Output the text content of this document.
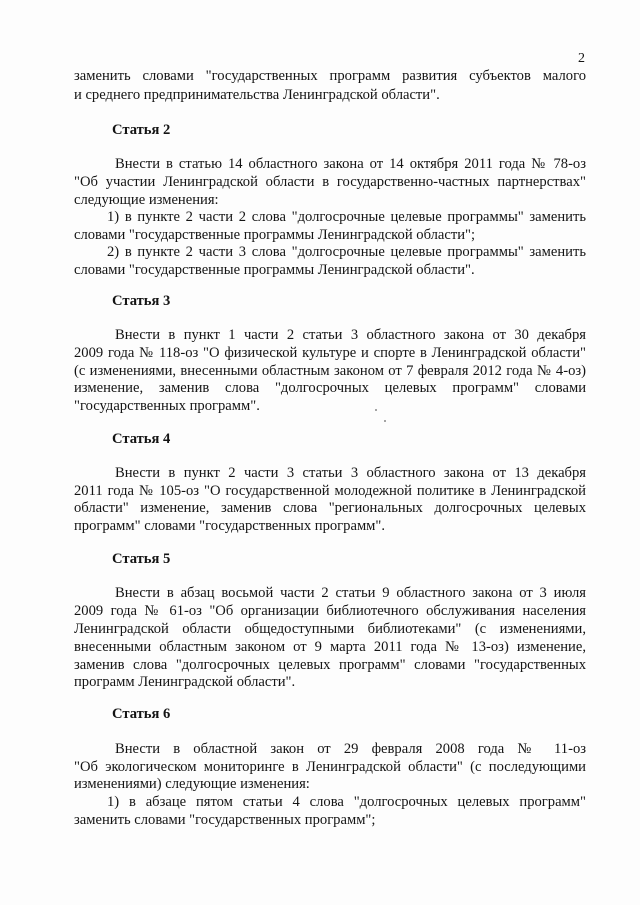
2
заменить словами "государственных программ развития субъектов малого
и среднего предпринимательства Ленинградской области".
Статья 2
Внести в статью 14 областного закона от 14 октября 2011 года № 78-оз
"Об участии Ленинградской области в государственно-частных партнерствах"
следующие изменения:
1) в пункте 2 части 2 слова "долгосрочные целевые программы" заменить
словами "государственные программы Ленинградской области";
2) в пункте 2 части 3 слова "долгосрочные целевые программы" заменить
словами "государственные программы Ленинградской области".
Статья 3
Внести в пункт 1 части 2 статьи 3 областного закона от 30 декабря
2009 года № 118-оз "О физической культуре и спорте в Ленинградской области"
(с изменениями, внесенными областным законом от 7 февраля 2012 года № 4-оз)
изменение, заменив слова "долгосрочных целевых программ" словами
"государственных программ".
Статья 4
Внести в пункт 2 части 3 статьи 3 областного закона от 13 декабря
2011 года № 105-оз "О государственной молодежной политике в Ленинградской
области" изменение, заменив слова "региональных долгосрочных целевых
программ" словами "государственных программ".
Статья 5
Внести в абзац восьмой части 2 статьи 9 областного закона от 3 июля
2009 года № 61-оз "Об организации библиотечного обслуживания населения
Ленинградской области общедоступными библиотеками" (с изменениями,
внесенными областным законом от 9 марта 2011 года № 13-оз) изменение,
заменив слова "долгосрочных целевых программ" словами "государственных
программ Ленинградской области".
Статья 6
Внести в областной закон от 29 февраля 2008 года № 11-оз
"Об экологическом мониторинге в Ленинградской области" (с последующими
изменениями) следующие изменения:
1) в абзаце пятом статьи 4 слова "долгосрочных целевых программ"
заменить словами "государственных программ";
